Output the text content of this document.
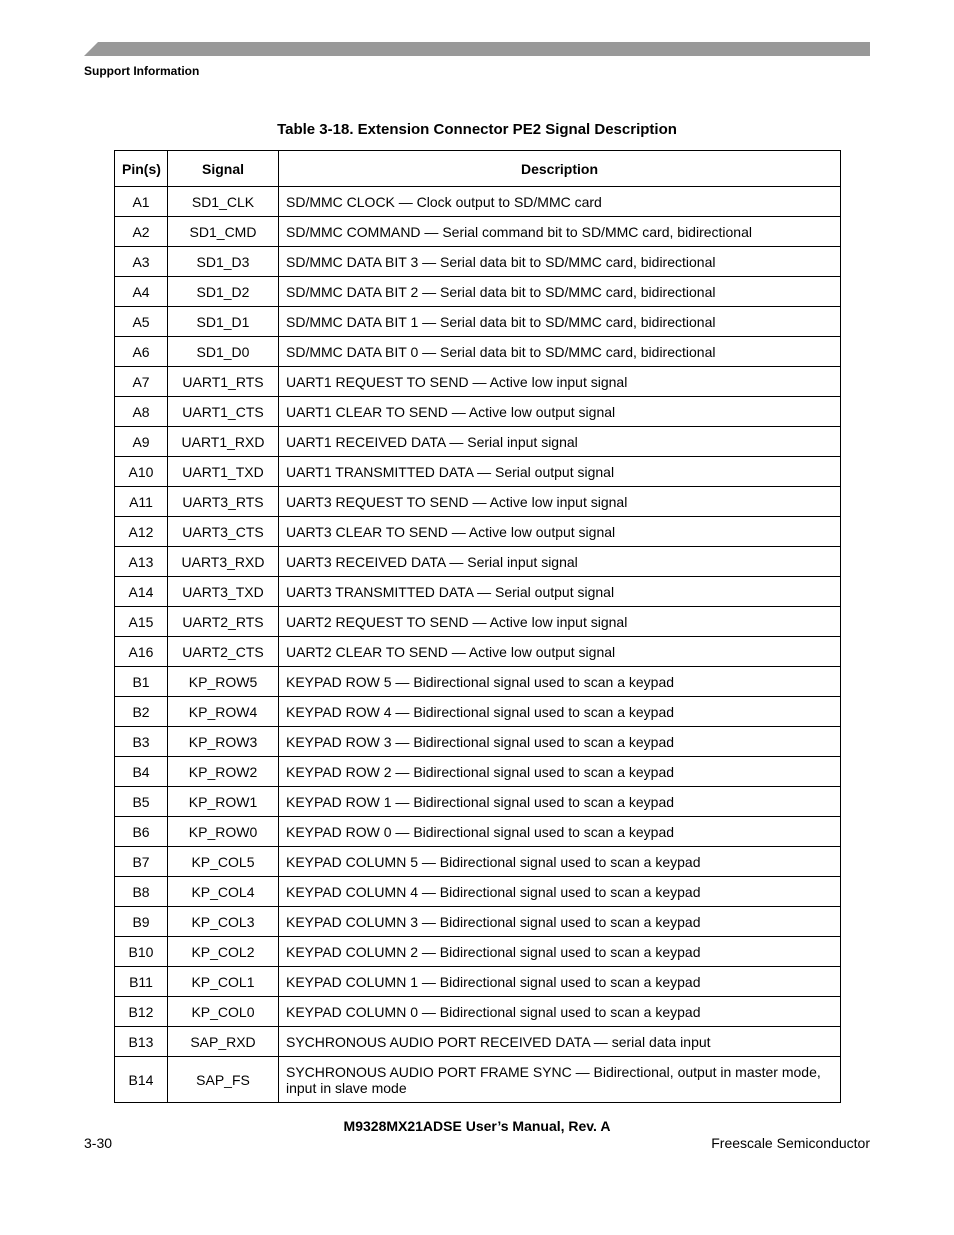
Support Information
Table 3-18. Extension Connector PE2 Signal Description
Pin(s)	Signal	Description
A1	SD1_CLK	SD/MMC CLOCK — Clock output to SD/MMC card
A2	SD1_CMD	SD/MMC COMMAND — Serial command bit to SD/MMC card, bidirectional
A3	SD1_D3	SD/MMC DATA BIT 3 — Serial data bit to SD/MMC card, bidirectional
A4	SD1_D2	SD/MMC DATA BIT 2 — Serial data bit to SD/MMC card, bidirectional
A5	SD1_D1	SD/MMC DATA BIT 1 — Serial data bit to SD/MMC card, bidirectional
A6	SD1_D0	SD/MMC DATA BIT 0 — Serial data bit to SD/MMC card, bidirectional
A7	UART1_RTS	UART1 REQUEST TO SEND — Active low input signal
A8	UART1_CTS	UART1 CLEAR TO SEND — Active low output signal
A9	UART1_RXD	UART1 RECEIVED DATA — Serial input signal
A10	UART1_TXD	UART1 TRANSMITTED DATA — Serial output signal
A11	UART3_RTS	UART3 REQUEST TO SEND — Active low input signal
A12	UART3_CTS	UART3 CLEAR TO SEND — Active low output signal
A13	UART3_RXD	UART3 RECEIVED DATA — Serial input signal
A14	UART3_TXD	UART3 TRANSMITTED DATA — Serial output signal
A15	UART2_RTS	UART2 REQUEST TO SEND — Active low input signal
A16	UART2_CTS	UART2 CLEAR TO SEND — Active low output signal
B1	KP_ROW5	KEYPAD ROW 5 — Bidirectional signal used to scan a keypad
B2	KP_ROW4	KEYPAD ROW 4 — Bidirectional signal used to scan a keypad
B3	KP_ROW3	KEYPAD ROW 3 — Bidirectional signal used to scan a keypad
B4	KP_ROW2	KEYPAD ROW 2 — Bidirectional signal used to scan a keypad
B5	KP_ROW1	KEYPAD ROW 1 — Bidirectional signal used to scan a keypad
B6	KP_ROW0	KEYPAD ROW 0 — Bidirectional signal used to scan a keypad
B7	KP_COL5	KEYPAD COLUMN 5 — Bidirectional signal used to scan a keypad
B8	KP_COL4	KEYPAD COLUMN 4 — Bidirectional signal used to scan a keypad
B9	KP_COL3	KEYPAD COLUMN 3 — Bidirectional signal used to scan a keypad
B10	KP_COL2	KEYPAD COLUMN 2 — Bidirectional signal used to scan a keypad
B11	KP_COL1	KEYPAD COLUMN 1 — Bidirectional signal used to scan a keypad
B12	KP_COL0	KEYPAD COLUMN 0 — Bidirectional signal used to scan a keypad
B13	SAP_RXD	SYCHRONOUS AUDIO PORT RECEIVED DATA — serial data input
B14	SAP_FS	SYCHRONOUS AUDIO PORT FRAME SYNC — Bidirectional, output in master mode, input in slave mode
M9328MX21ADSE User’s Manual, Rev. A
3-30	Freescale Semiconductor
